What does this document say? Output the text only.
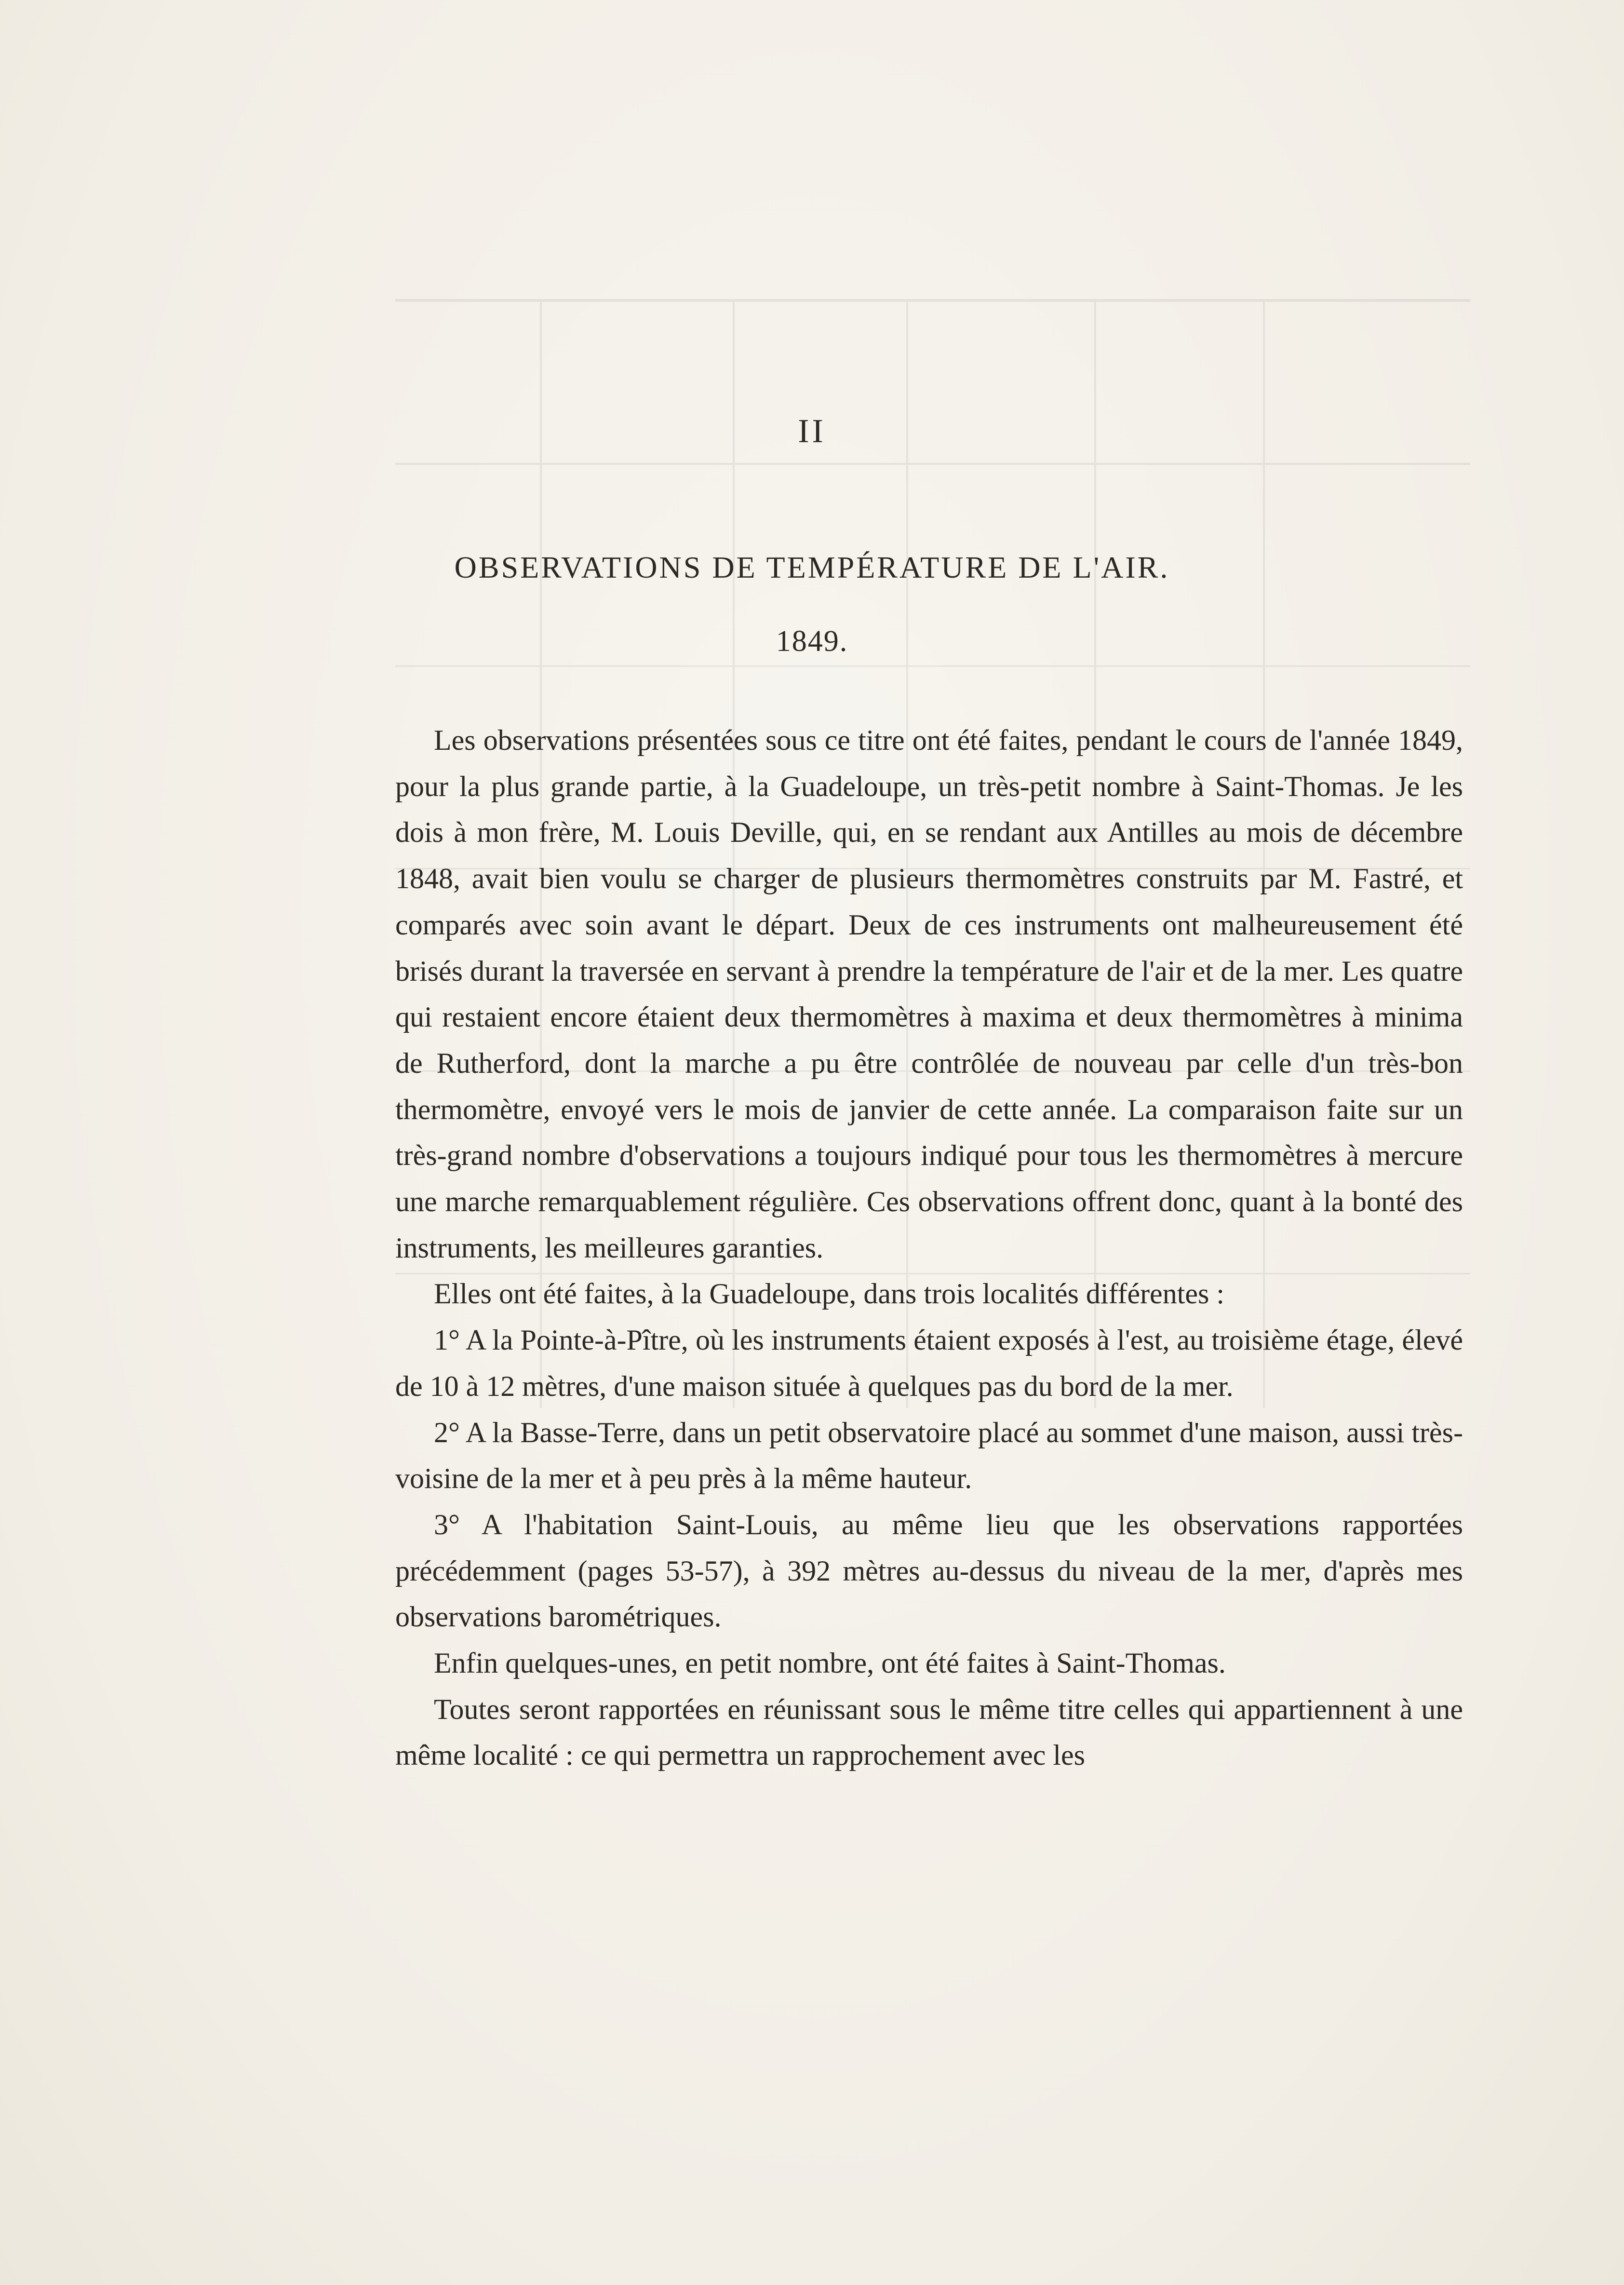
II
OBSERVATIONS DE TEMPÉRATURE DE L'AIR.
1849.

Les observations présentées sous ce titre ont été faites, pendant le cours de l'année 1849, pour la plus grande partie, à la Guadeloupe, un très-petit nombre à Saint-Thomas. Je les dois à mon frère, M. Louis Deville, qui, en se rendant aux Antilles au mois de décembre 1848, avait bien voulu se charger de plusieurs thermomètres construits par M. Fastré, et comparés avec soin avant le départ. Deux de ces instruments ont malheureusement été brisés durant la traversée en servant à prendre la température de l'air et de la mer. Les quatre qui restaient encore étaient deux thermomètres à maxima et deux thermomètres à minima de Rutherford, dont la marche a pu être contrôlée de nouveau par celle d'un très-bon thermomètre, envoyé vers le mois de janvier de cette année. La comparaison faite sur un très-grand nombre d'observations a toujours indiqué pour tous les thermomètres à mercure une marche remarquablement régulière. Ces observations offrent donc, quant à la bonté des instruments, les meilleures garanties.

Elles ont été faites, à la Guadeloupe, dans trois localités différentes :

1° A la Pointe-à-Pître, où les instruments étaient exposés à l'est, au troisième étage, élevé de 10 à 12 mètres, d'une maison située à quelques pas du bord de la mer.

2° A la Basse-Terre, dans un petit observatoire placé au sommet d'une maison, aussi très-voisine de la mer et à peu près à la même hauteur.

3° A l'habitation Saint-Louis, au même lieu que les observations rapportées précédemment (pages 53-57), à 392 mètres au-dessus du niveau de la mer, d'après mes observations barométriques.

Enfin quelques-unes, en petit nombre, ont été faites à Saint-Thomas.

Toutes seront rapportées en réunissant sous le même titre celles qui appartiennent à une même localité : ce qui permettra un rapprochement avec les
